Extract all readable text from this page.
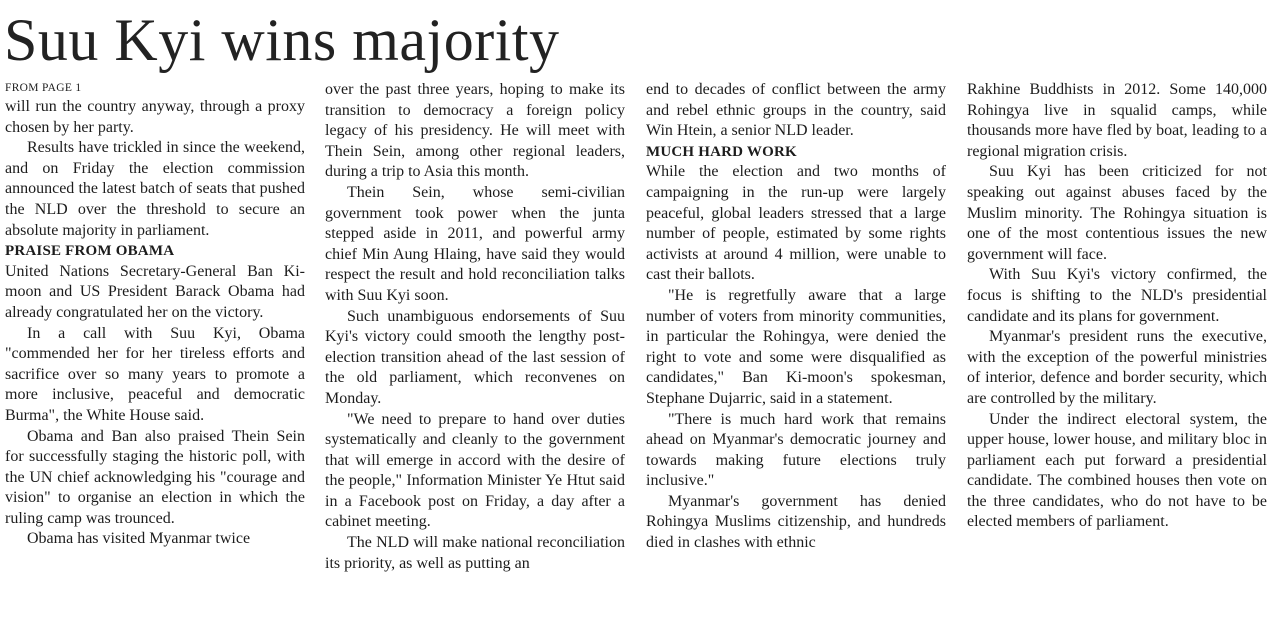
Suu Kyi wins majority
FROM PAGE 1

will run the country anyway, through a proxy chosen by her party.

Results have trickled in since the weekend, and on Friday the election commission announced the latest batch of seats that pushed the NLD over the threshold to secure an absolute majority in parliament.

PRAISE FROM OBAMA

United Nations Secretary-General Ban Ki-moon and US President Barack Obama had already congratulated her on the victory.

In a call with Suu Kyi, Obama "commended her for her tireless efforts and sacrifice over so many years to promote a more inclusive, peaceful and democratic Burma", the White House said.

Obama and Ban also praised Thein Sein for successfully staging the historic poll, with the UN chief acknowledging his "courage and vision" to organise an election in which the ruling camp was trounced.

Obama has visited Myanmar twice

over the past three years, hoping to make its transition to democracy a foreign policy legacy of his presidency. He will meet with Thein Sein, among other regional leaders, during a trip to Asia this month.

Thein Sein, whose semi-civilian government took power when the junta stepped aside in 2011, and powerful army chief Min Aung Hlaing, have said they would respect the result and hold reconciliation talks with Suu Kyi soon.

Such unambiguous endorsements of Suu Kyi's victory could smooth the lengthy post-election transition ahead of the last session of the old parliament, which reconvenes on Monday.

"We need to prepare to hand over duties systematically and cleanly to the government that will emerge in accord with the desire of the people," Information Minister Ye Htut said in a Facebook post on Friday, a day after a cabinet meeting.

The NLD will make national reconciliation its priority, as well as putting an

end to decades of conflict between the army and rebel ethnic groups in the country, said Win Htein, a senior NLD leader.

MUCH HARD WORK

While the election and two months of campaigning in the run-up were largely peaceful, global leaders stressed that a large number of people, estimated by some rights activists at around 4 million, were unable to cast their ballots.

"He is regretfully aware that a large number of voters from minority communities, in particular the Rohingya, were denied the right to vote and some were disqualified as candidates," Ban Ki-moon's spokesman, Stephane Dujarric, said in a statement.

"There is much hard work that remains ahead on Myanmar's democratic journey and towards making future elections truly inclusive."

Myanmar's government has denied Rohingya Muslims citizenship, and hundreds died in clashes with ethnic

Rakhine Buddhists in 2012. Some 140,000 Rohingya live in squalid camps, while thousands more have fled by boat, leading to a regional migration crisis.

Suu Kyi has been criticized for not speaking out against abuses faced by the Muslim minority. The Rohingya situation is one of the most contentious issues the new government will face.

With Suu Kyi's victory confirmed, the focus is shifting to the NLD's presidential candidate and its plans for government.

Myanmar's president runs the executive, with the exception of the powerful ministries of interior, defence and border security, which are controlled by the military.

Under the indirect electoral system, the upper house, lower house, and military bloc in parliament each put forward a presidential candidate. The combined houses then vote on the three candidates, who do not have to be elected members of parliament.
